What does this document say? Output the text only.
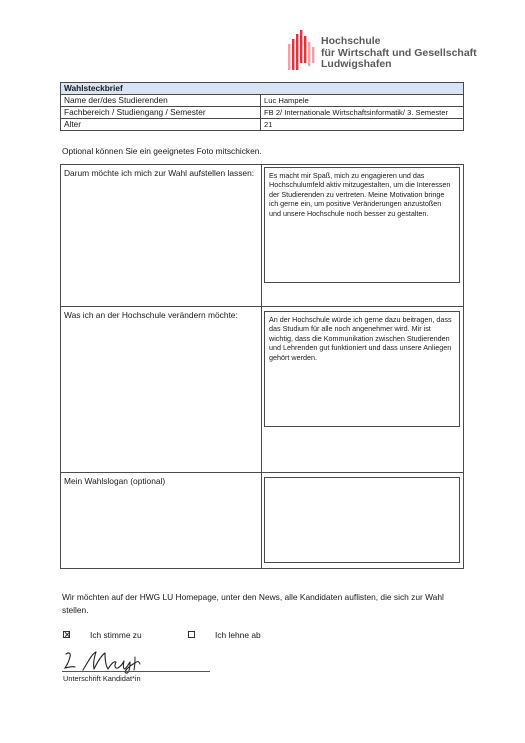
Hochschule
für Wirtschaft und Gesellschaft
Ludwigshafen
Wahlsteckbrief	
Name der/des Studierenden	Luc Hampele
Fachbereich / Studiengang / Semester	FB 2/ Internationale Wirtschaftsinformatik/ 3. Semester
Alter	21
Optional können Sie ein geeignetes Foto mitschicken.
Darum möchte ich mich zur Wahl aufstellen lassen:	Es macht mir Spaß, mich zu engagieren und das Hochschulumfeld aktiv mitzugestalten, um die Interessen der Studierenden zu vertreten. Meine Motivation bringe ich gerne ein, um positive Veränderungen anzustoßen und unsere Hochschule noch besser zu gestalten.
Was ich an der Hochschule verändern möchte:	An der Hochschule würde ich gerne dazu beitragen, dass das Studium für alle noch angenehmer wird. Mir ist wichtig, dass die Kommunikation zwischen Studierenden und Lehrenden gut funktioniert und dass unsere Anliegen gehört werden.
Mein Wahlslogan (optional)
Wir möchten auf der HWG LU Homepage, unter den News, alle Kandidaten auflisten, die sich zur Wahl stellen.
Ich stimme zu	Ich lehne ab
Unterschrift Kandidat*in
